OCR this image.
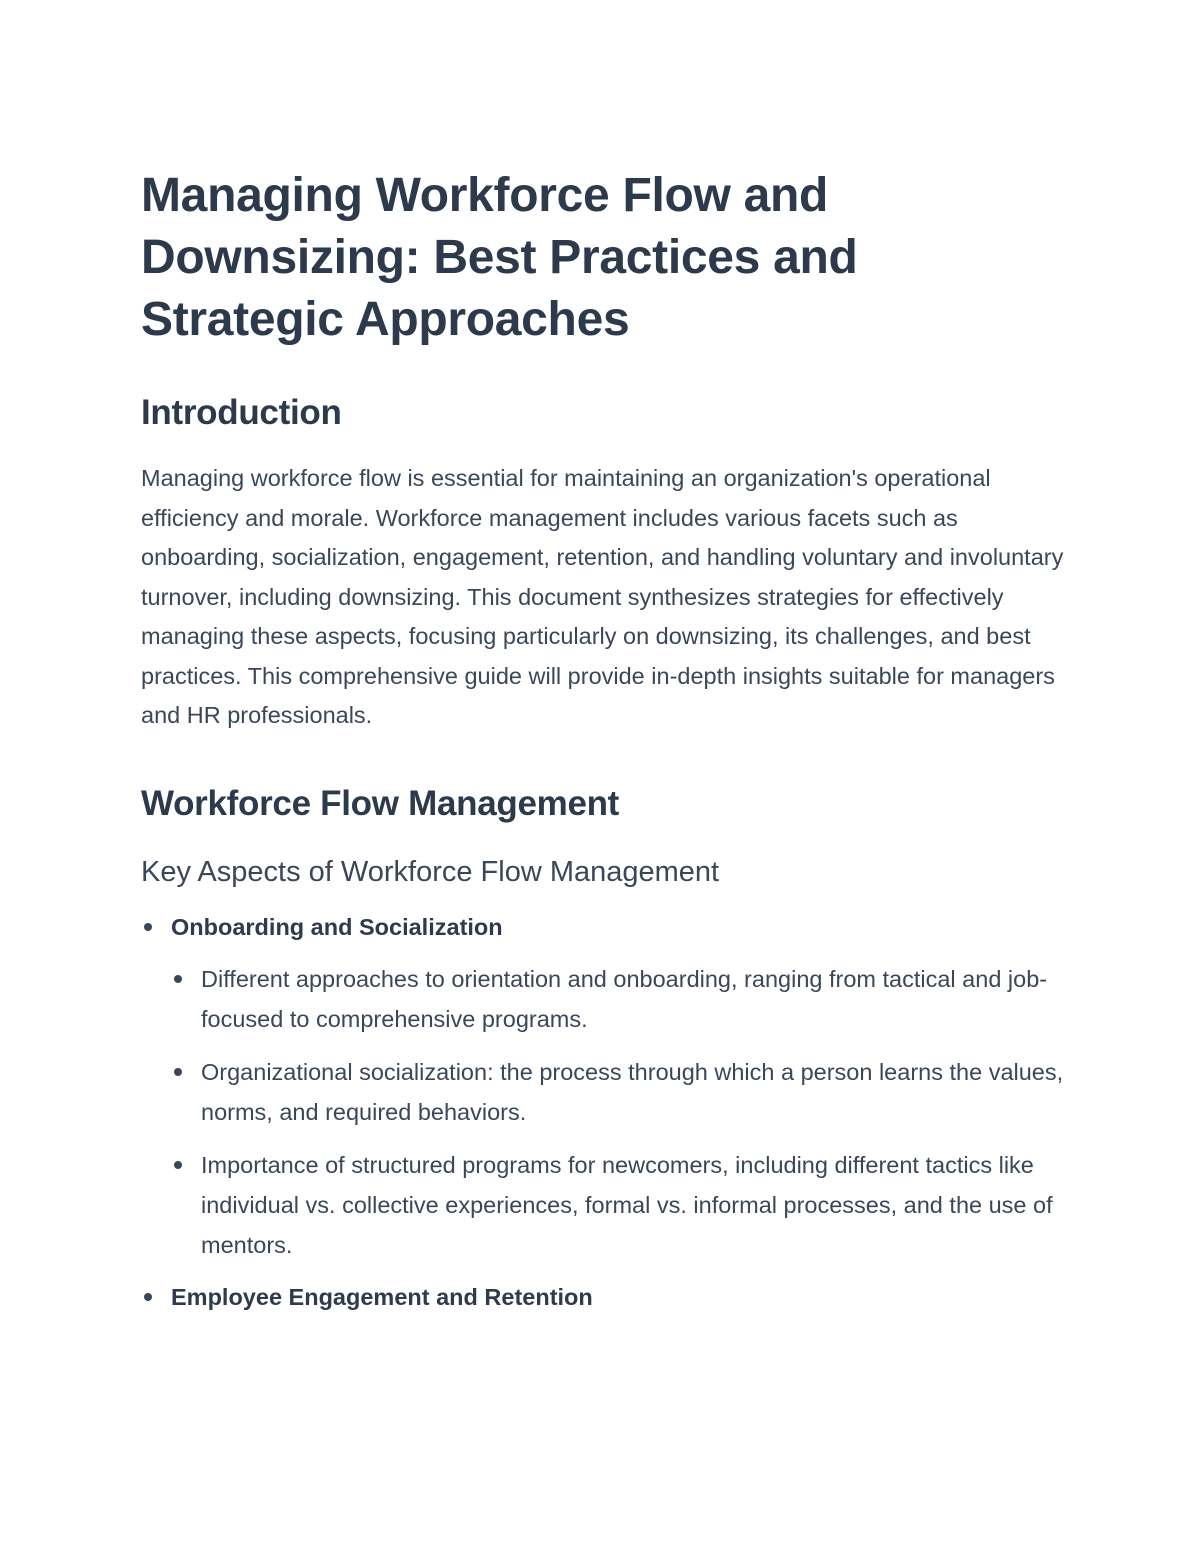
Managing Workforce Flow and Downsizing: Best Practices and Strategic Approaches
Introduction

Managing workforce flow is essential for maintaining an organization's operational efficiency and morale. Workforce management includes various facets such as onboarding, socialization, engagement, retention, and handling voluntary and involuntary turnover, including downsizing. This document synthesizes strategies for effectively managing these aspects, focusing particularly on downsizing, its challenges, and best practices. This comprehensive guide will provide in-depth insights suitable for managers and HR professionals.

Workforce Flow Management
Key Aspects of Workforce Flow Management
Onboarding and Socialization
Different approaches to orientation and onboarding, ranging from tactical and job-focused to comprehensive programs.
Organizational socialization: the process through which a person learns the values, norms, and required behaviors.
Importance of structured programs for newcomers, including different tactics like individual vs. collective experiences, formal vs. informal processes, and the use of mentors.
Employee Engagement and Retention
